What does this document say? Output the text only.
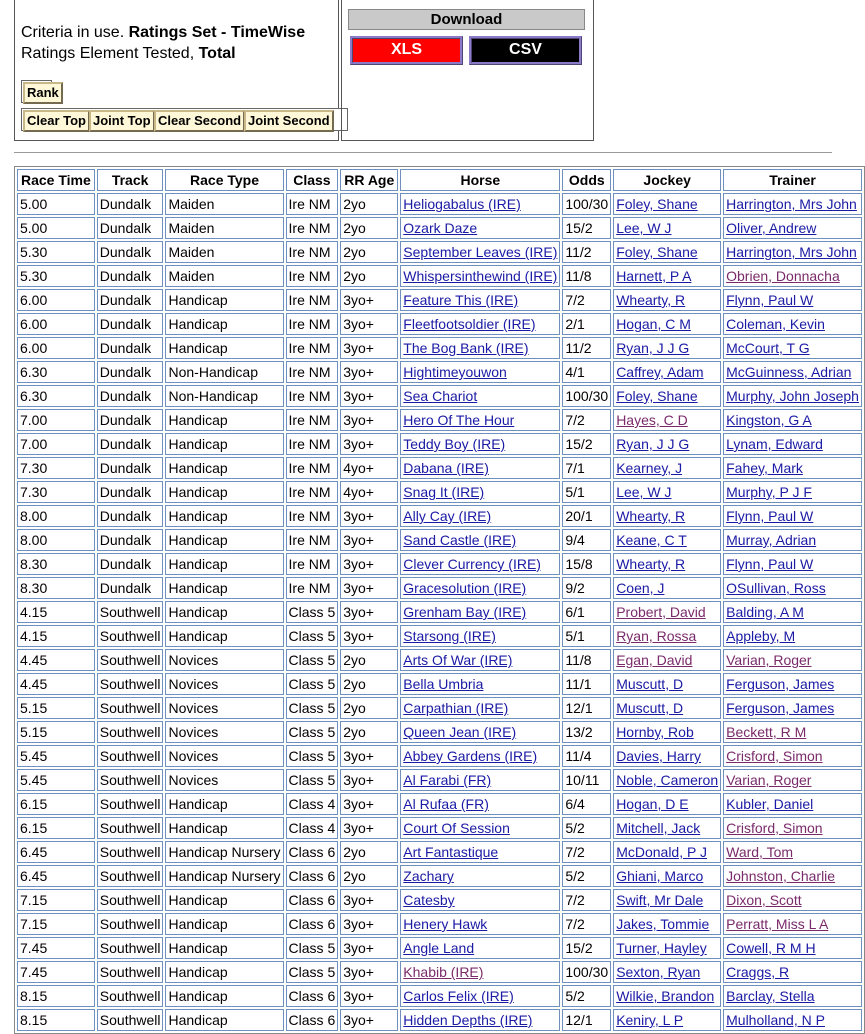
Criteria in use. Ratings Set - TimeWise
Ratings Element Tested, Total
Rank
Clear Top Joint Top Clear Second Joint Second
Download
XLS	CSV
Race Time	Track	Race Type	Class	RR Age	Horse	Odds	Jockey	Trainer
5.00	Dundalk	Maiden	Ire NM	2yo	Heliogabalus (IRE)	100/30	Foley, Shane	Harrington, Mrs John
5.00	Dundalk	Maiden	Ire NM	2yo	Ozark Daze	15/2	Lee, W J	Oliver, Andrew
5.30	Dundalk	Maiden	Ire NM	2yo	September Leaves (IRE)	11/2	Foley, Shane	Harrington, Mrs John
5.30	Dundalk	Maiden	Ire NM	2yo	Whispersinthewind (IRE)	11/8	Harnett, P A	Obrien, Donnacha
6.00	Dundalk	Handicap	Ire NM	3yo+	Feature This (IRE)	7/2	Whearty, R	Flynn, Paul W
6.00	Dundalk	Handicap	Ire NM	3yo+	Fleetfootsoldier (IRE)	2/1	Hogan, C M	Coleman, Kevin
6.00	Dundalk	Handicap	Ire NM	3yo+	The Bog Bank (IRE)	11/2	Ryan, J J G	McCourt, T G
6.30	Dundalk	Non-Handicap	Ire NM	3yo+	Hightimeyouwon	4/1	Caffrey, Adam	McGuinness, Adrian
6.30	Dundalk	Non-Handicap	Ire NM	3yo+	Sea Chariot	100/30	Foley, Shane	Murphy, John Joseph
7.00	Dundalk	Handicap	Ire NM	3yo+	Hero Of The Hour	7/2	Hayes, C D	Kingston, G A
7.00	Dundalk	Handicap	Ire NM	3yo+	Teddy Boy (IRE)	15/2	Ryan, J J G	Lynam, Edward
7.30	Dundalk	Handicap	Ire NM	4yo+	Dabana (IRE)	7/1	Kearney, J	Fahey, Mark
7.30	Dundalk	Handicap	Ire NM	4yo+	Snag It (IRE)	5/1	Lee, W J	Murphy, P J F
8.00	Dundalk	Handicap	Ire NM	3yo+	Ally Cay (IRE)	20/1	Whearty, R	Flynn, Paul W
8.00	Dundalk	Handicap	Ire NM	3yo+	Sand Castle (IRE)	9/4	Keane, C T	Murray, Adrian
8.30	Dundalk	Handicap	Ire NM	3yo+	Clever Currency (IRE)	15/8	Whearty, R	Flynn, Paul W
8.30	Dundalk	Handicap	Ire NM	3yo+	Gracesolution (IRE)	9/2	Coen, J	OSullivan, Ross
4.15	Southwell	Handicap	Class 5	3yo+	Grenham Bay (IRE)	6/1	Probert, David	Balding, A M
4.15	Southwell	Handicap	Class 5	3yo+	Starsong (IRE)	5/1	Ryan, Rossa	Appleby, M
4.45	Southwell	Novices	Class 5	2yo	Arts Of War (IRE)	11/8	Egan, David	Varian, Roger
4.45	Southwell	Novices	Class 5	2yo	Bella Umbria	11/1	Muscutt, D	Ferguson, James
5.15	Southwell	Novices	Class 5	2yo	Carpathian (IRE)	12/1	Muscutt, D	Ferguson, James
5.15	Southwell	Novices	Class 5	2yo	Queen Jean (IRE)	13/2	Hornby, Rob	Beckett, R M
5.45	Southwell	Novices	Class 5	3yo+	Abbey Gardens (IRE)	11/4	Davies, Harry	Crisford, Simon
5.45	Southwell	Novices	Class 5	3yo+	Al Farabi (FR)	10/11	Noble, Cameron	Varian, Roger
6.15	Southwell	Handicap	Class 4	3yo+	Al Rufaa (FR)	6/4	Hogan, D E	Kubler, Daniel
6.15	Southwell	Handicap	Class 4	3yo+	Court Of Session	5/2	Mitchell, Jack	Crisford, Simon
6.45	Southwell	Handicap Nursery	Class 6	2yo	Art Fantastique	7/2	McDonald, P J	Ward, Tom
6.45	Southwell	Handicap Nursery	Class 6	2yo	Zachary	5/2	Ghiani, Marco	Johnston, Charlie
7.15	Southwell	Handicap	Class 6	3yo+	Catesby	7/2	Swift, Mr Dale	Dixon, Scott
7.15	Southwell	Handicap	Class 6	3yo+	Henery Hawk	7/2	Jakes, Tommie	Perratt, Miss L A
7.45	Southwell	Handicap	Class 5	3yo+	Angle Land	15/2	Turner, Hayley	Cowell, R M H
7.45	Southwell	Handicap	Class 5	3yo+	Khabib (IRE)	100/30	Sexton, Ryan	Craggs, R
8.15	Southwell	Handicap	Class 6	3yo+	Carlos Felix (IRE)	5/2	Wilkie, Brandon	Barclay, Stella
8.15	Southwell	Handicap	Class 6	3yo+	Hidden Depths (IRE)	12/1	Keniry, L P	Mulholland, N P
